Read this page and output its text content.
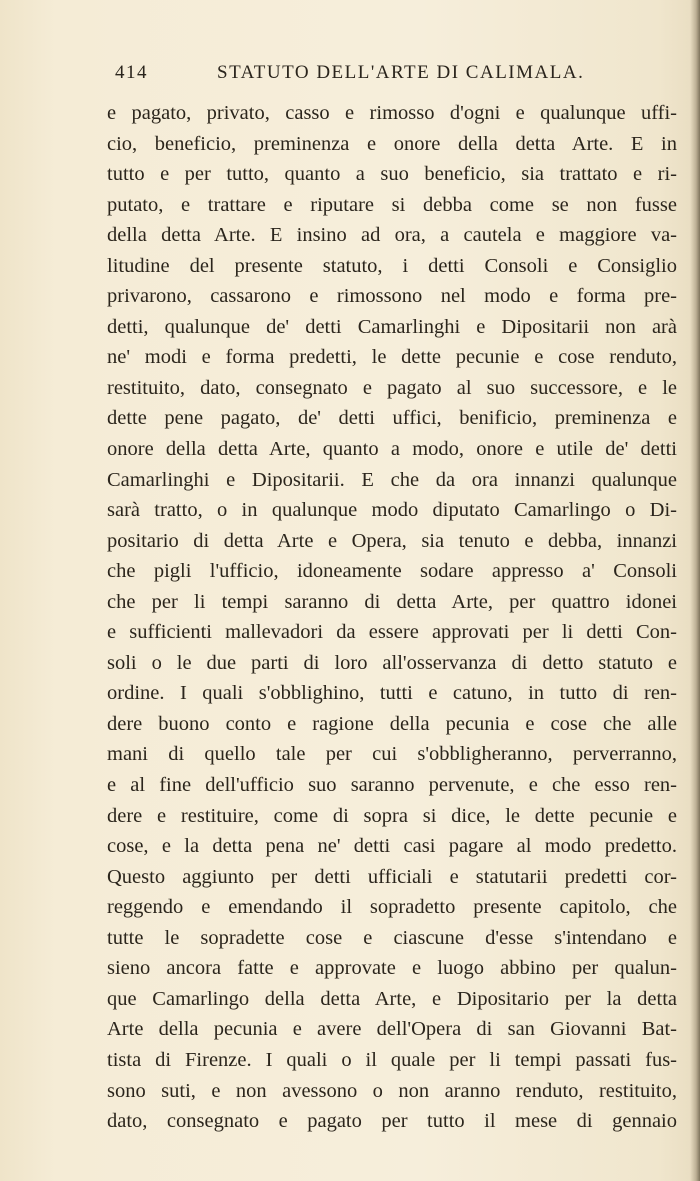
414	STATUTO DELL'ARTE DI CALIMALA.
e pagato, privato, casso e rimosso d'ogni e qualunque uffi-
cio, beneficio, preminenza e onore della detta Arte. E in
tutto e per tutto, quanto a suo beneficio, sia trattato e ri-
putato, e trattare e riputare si debba come se non fusse
della detta Arte. E insino ad ora, a cautela e maggiore va-
litudine del presente statuto, i detti Consoli e Consiglio
privarono, cassarono e rimossono nel modo e forma pre-
detti, qualunque de' detti Camarlinghi e Dipositarii non arà
ne' modi e forma predetti, le dette pecunie e cose renduto,
restituito, dato, consegnato e pagato al suo successore, e le
dette pene pagato, de' detti uffici, benificio, preminenza e
onore della detta Arte, quanto a modo, onore e utile de' detti
Camarlinghi e Dipositarii. E che da ora innanzi qualunque
sarà tratto, o in qualunque modo diputato Camarlingo o Di-
positario di detta Arte e Opera, sia tenuto e debba, innanzi
che pigli l'ufficio, idoneamente sodare appresso a' Consoli
che per li tempi saranno di detta Arte, per quattro idonei
e sufficienti mallevadori da essere approvati per li detti Con-
soli o le due parti di loro all'osservanza di detto statuto e
ordine. I quali s'obblighino, tutti e catuno, in tutto di ren-
dere buono conto e ragione della pecunia e cose che alle
mani di quello tale per cui s'obbligheranno, perverranno,
e al fine dell'ufficio suo saranno pervenute, e che esso ren-
dere e restituire, come di sopra si dice, le dette pecunie e
cose, e la detta pena ne' detti casi pagare al modo predetto.
Questo aggiunto per detti ufficiali e statutarii predetti cor-
reggendo e emendando il sopradetto presente capitolo, che
tutte le sopradette cose e ciascune d'esse s'intendano e
sieno ancora fatte e approvate e luogo abbino per qualun-
que Camarlingo della detta Arte, e Dipositario per la detta
Arte della pecunia e avere dell'Opera di san Giovanni Bat-
tista di Firenze. I quali o il quale per li tempi passati fus-
sono suti, e non avessono o non aranno renduto, restituito,
dato, consegnato e pagato per tutto il mese di gennaio
